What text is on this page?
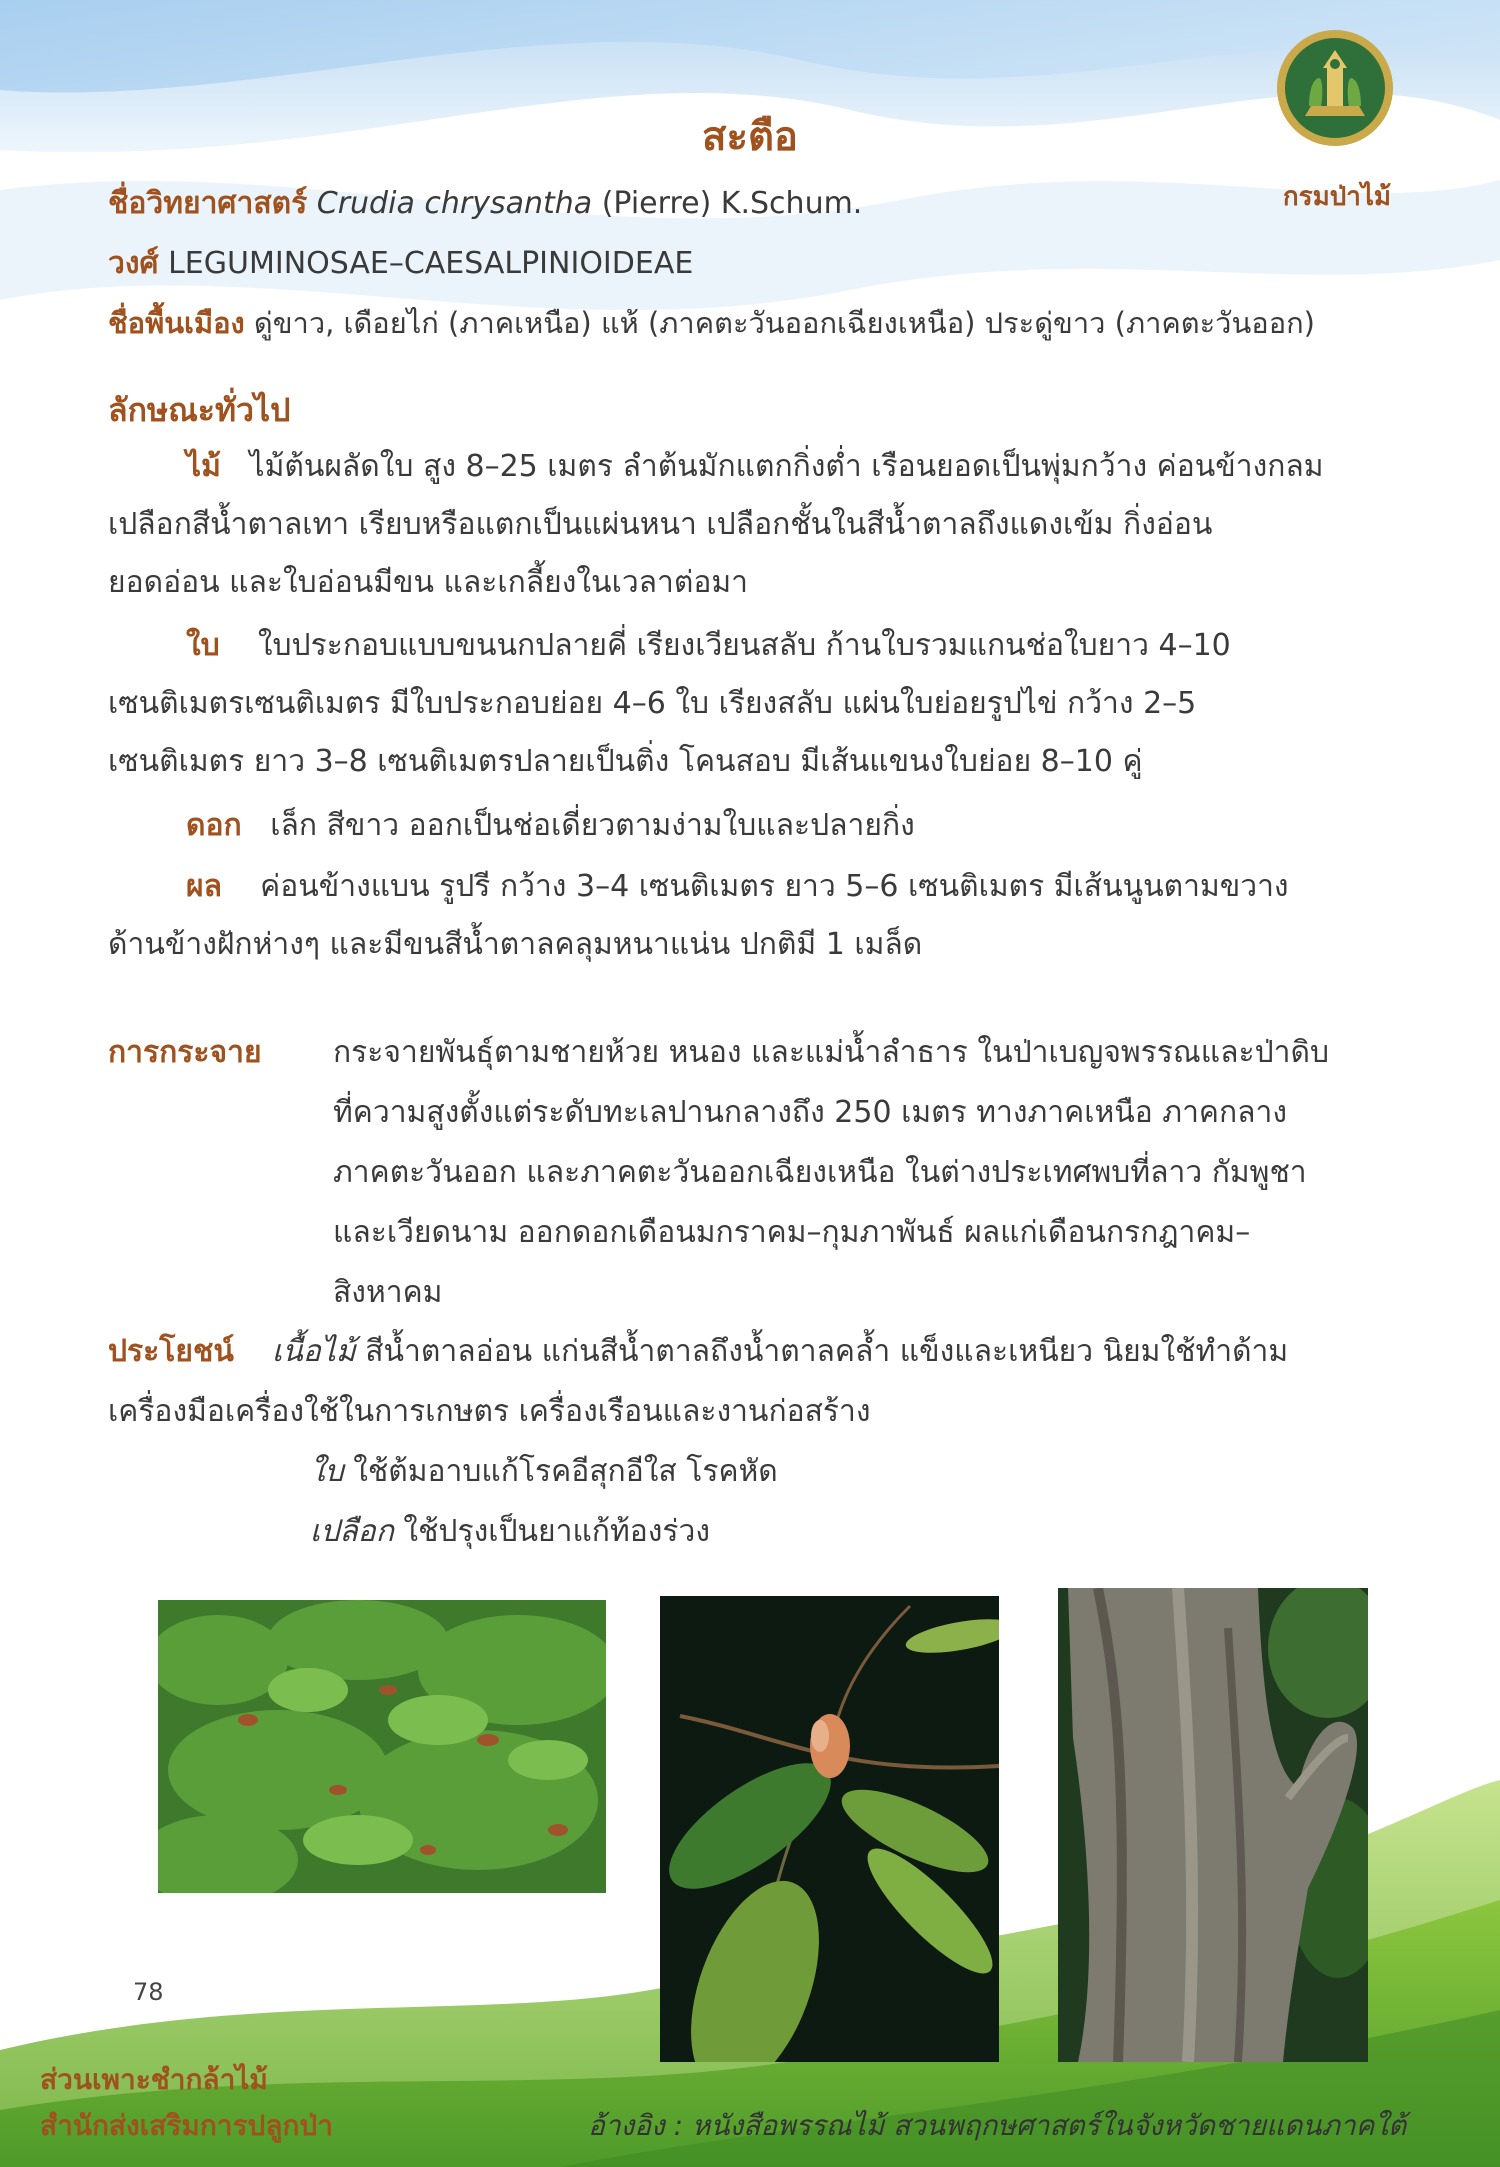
กรมป่าไม้
สะตือ
ชื่อวิทยาศาสตร์ Crudia chrysantha (Pierre) K.Schum.
วงศ์ LEGUMINOSAE–CAESALPINIOIDEAE
ชื่อพื้นเมือง ดู่ขาว, เดือยไก่ (ภาคเหนือ) แห้ (ภาคตะวันออกเฉียงเหนือ) ประดู่ขาว (ภาคตะวันออก)
ลักษณะทั่วไป
ไม้ ไม้ต้นผลัดใบ สูง 8–25 เมตร ลำต้นมักแตกกิ่งต่ำ เรือนยอดเป็นพุ่มกว้าง ค่อนข้างกลม
เปลือกสีน้ำตาลเทา เรียบหรือแตกเป็นแผ่นหนา เปลือกชั้นในสีน้ำตาลถึงแดงเข้ม กิ่งอ่อน
ยอดอ่อน และใบอ่อนมีขน และเกลี้ยงในเวลาต่อมา
ใบ ใบประกอบแบบขนนกปลายคี่ เรียงเวียนสลับ ก้านใบรวมแกนช่อใบยาว 4–10
เซนติเมตรเซนติเมตร มีใบประกอบย่อย 4–6 ใบ เรียงสลับ แผ่นใบย่อยรูปไข่ กว้าง 2–5
เซนติเมตร ยาว 3–8 เซนติเมตรปลายเป็นติ่ง โคนสอบ มีเส้นแขนงใบย่อย 8–10 คู่
ดอก เล็ก สีขาว ออกเป็นช่อเดี่ยวตามง่ามใบและปลายกิ่ง
ผล ค่อนข้างแบน รูปรี กว้าง 3–4 เซนติเมตร ยาว 5–6 เซนติเมตร มีเส้นนูนตามขวาง
ด้านข้างฝักห่างๆ และมีขนสีน้ำตาลคลุมหนาแน่น ปกติมี 1 เมล็ด
การกระจาย กระจายพันธุ์ตามชายห้วย หนอง และแม่น้ำลำธาร ในป่าเบญจพรรณและป่าดิบ
ที่ความสูงตั้งแต่ระดับทะเลปานกลางถึง 250 เมตร ทางภาคเหนือ ภาคกลาง
ภาคตะวันออก และภาคตะวันออกเฉียงเหนือ ในต่างประเทศพบที่ลาว กัมพูชา
และเวียดนาม ออกดอกเดือนมกราคม–กุมภาพันธ์ ผลแก่เดือนกรกฎาคม–
สิงหาคม
ประโยชน์ เนื้อไม้ สีน้ำตาลอ่อน แก่นสีน้ำตาลถึงน้ำตาลคล้ำ แข็งและเหนียว นิยมใช้ทำด้าม
เครื่องมือเครื่องใช้ในการเกษตร เครื่องเรือนและงานก่อสร้าง
ใบ ใช้ต้มอาบแก้โรคอีสุกอีใส โรคหัด
เปลือก ใช้ปรุงเป็นยาแก้ท้องร่วง
78
ส่วนเพาะชำกล้าไม้
สำนักส่งเสริมการปลูกป่า	อ้างอิง : หนังสือพรรณไม้ สวนพฤกษศาสตร์ในจังหวัดชายแดนภาคใต้
